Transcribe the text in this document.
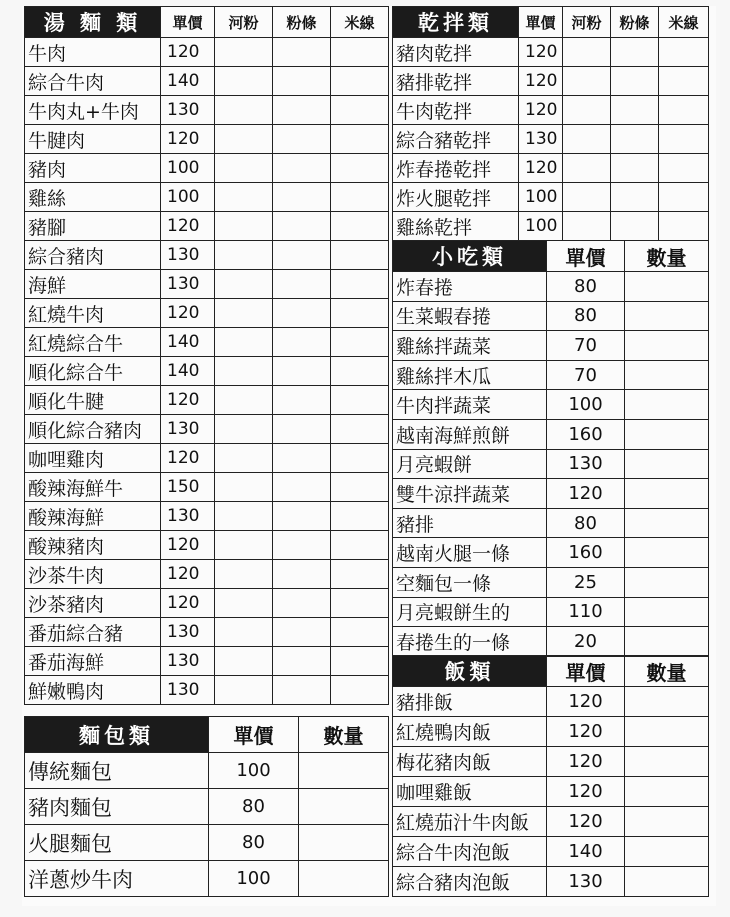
湯 麵 類	單價	河粉	粉條	米線
牛肉	120			
綜合牛肉	140			
牛肉丸+牛肉	130			
牛腱肉	120			
豬肉	100			
雞絲	100			
豬腳	120			
綜合豬肉	130			
海鮮	130			
紅燒牛肉	120			
紅燒綜合牛	140			
順化綜合牛	140			
順化牛腱	120			
順化綜合豬肉	130			
咖哩雞肉	120			
酸辣海鮮牛	150			
酸辣海鮮	130			
酸辣豬肉	120			
沙茶牛肉	120			
沙茶豬肉	120			
番茄綜合豬	130			
番茄海鮮	130			
鮮嫩鴨肉	130			
麵包類	單價	數量
傳統麵包	100	
豬肉麵包	80	
火腿麵包	80	
洋蔥炒牛肉	100	
乾拌類	單價	河粉	粉條	米線
豬肉乾拌	120			
豬排乾拌	120			
牛肉乾拌	120			
綜合豬乾拌	130			
炸春捲乾拌	120			
炸火腿乾拌	100			
雞絲乾拌	100			
小吃類	單價	數量
炸春捲	80	
生菜蝦春捲	80	
雞絲拌蔬菜	70	
雞絲拌木瓜	70	
牛肉拌蔬菜	100	
越南海鮮煎餅	160	
月亮蝦餅	130	
雙牛涼拌蔬菜	120	
豬排	80	
越南火腿一條	160	
空麵包一條	25	
月亮蝦餅生的	110	
春捲生的一條	20	
飯類	單價	數量
豬排飯	120	
紅燒鴨肉飯	120	
梅花豬肉飯	120	
咖哩雞飯	120	
紅燒茄汁牛肉飯	120	
綜合牛肉泡飯	140	
綜合豬肉泡飯	130	
